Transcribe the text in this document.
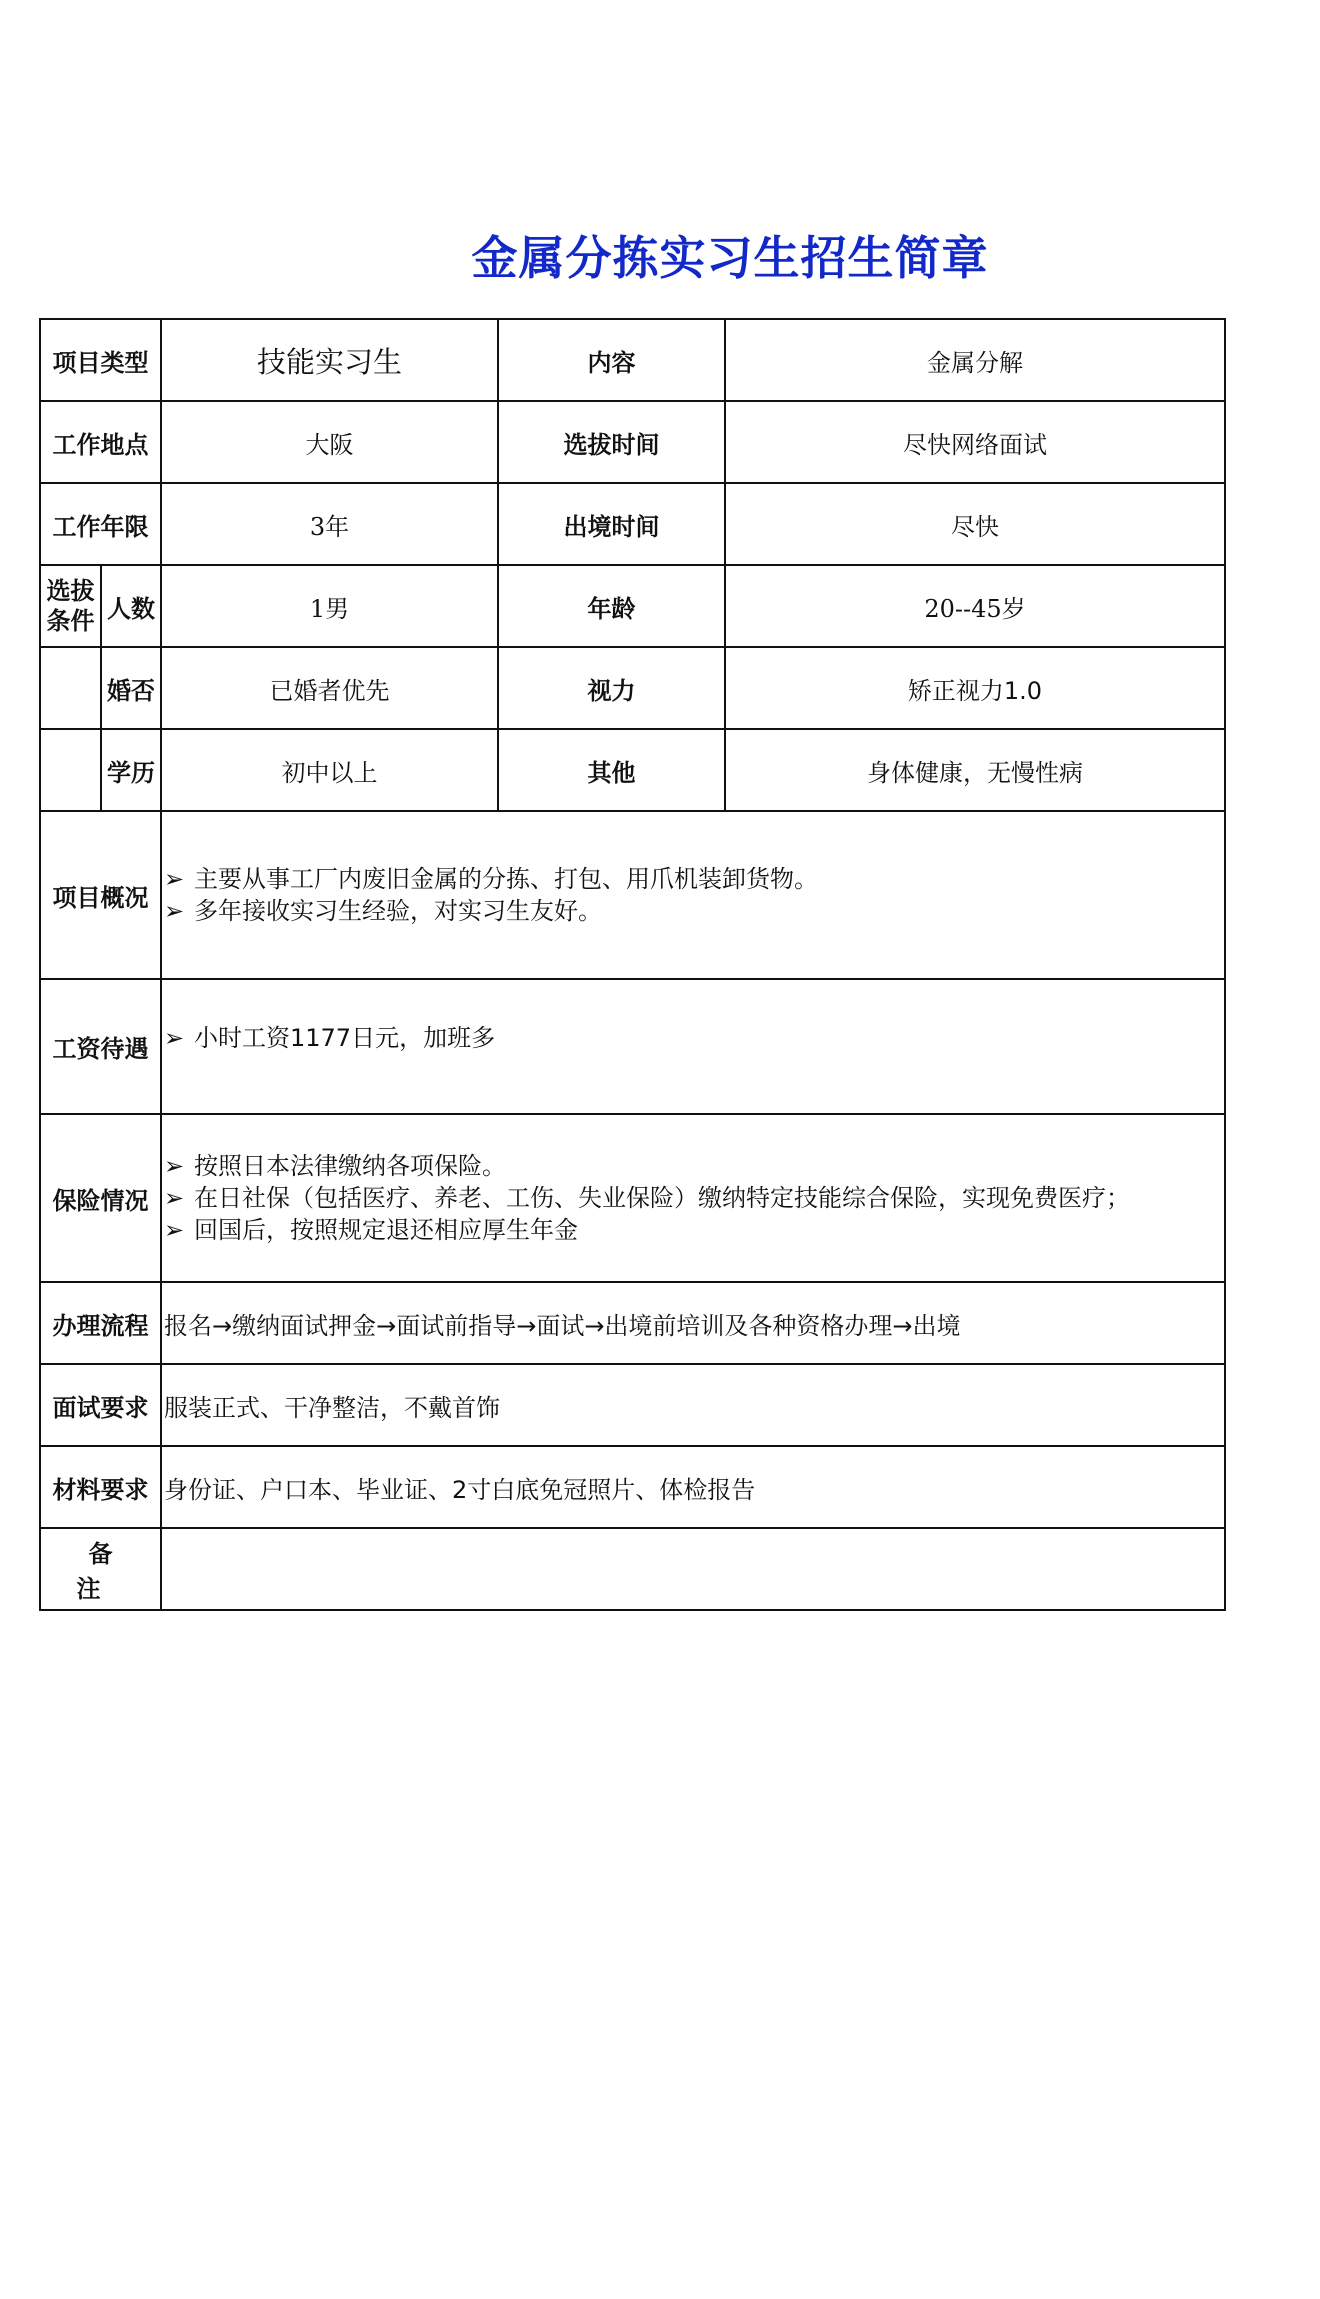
金属分拣实习生招生简章
项目类型		技能实习生	内容	金属分解
工作地点		大阪	选拔时间	尽快网络面试
工作年限		3年	出境时间	尽快
选拔条件	人数	1男	年龄	20--45岁
	婚否	已婚者优先	视力	矫正视力1.0
	学历	初中以上	其他	身体健康，无慢性病
项目概况		➢ 主要从事工厂内废旧金属的分拣、打包、用爪机装卸货物。
➢ 多年接收实习生经验，对实习生友好。		

工资待遇		➢ 小时工资1177日元，加班多		

保险情况		➢ 按照日本法律缴纳各项保险。
➢ 在日社保（包括医疗、养老、工伤、失业保险）缴纳特定技能综合保险，实现免费医疗；
➢ 回国后，按照规定退还相应厚生年金		

办理流程		报名→缴纳面试押金→面试前指导→面试→出境前培训及各种资格办理→出境		
面试要求		服装正式、干净整洁，不戴首饰		
材料要求		身份证、户口本、毕业证、2寸白底免冠照片、体检报告		
备注				
